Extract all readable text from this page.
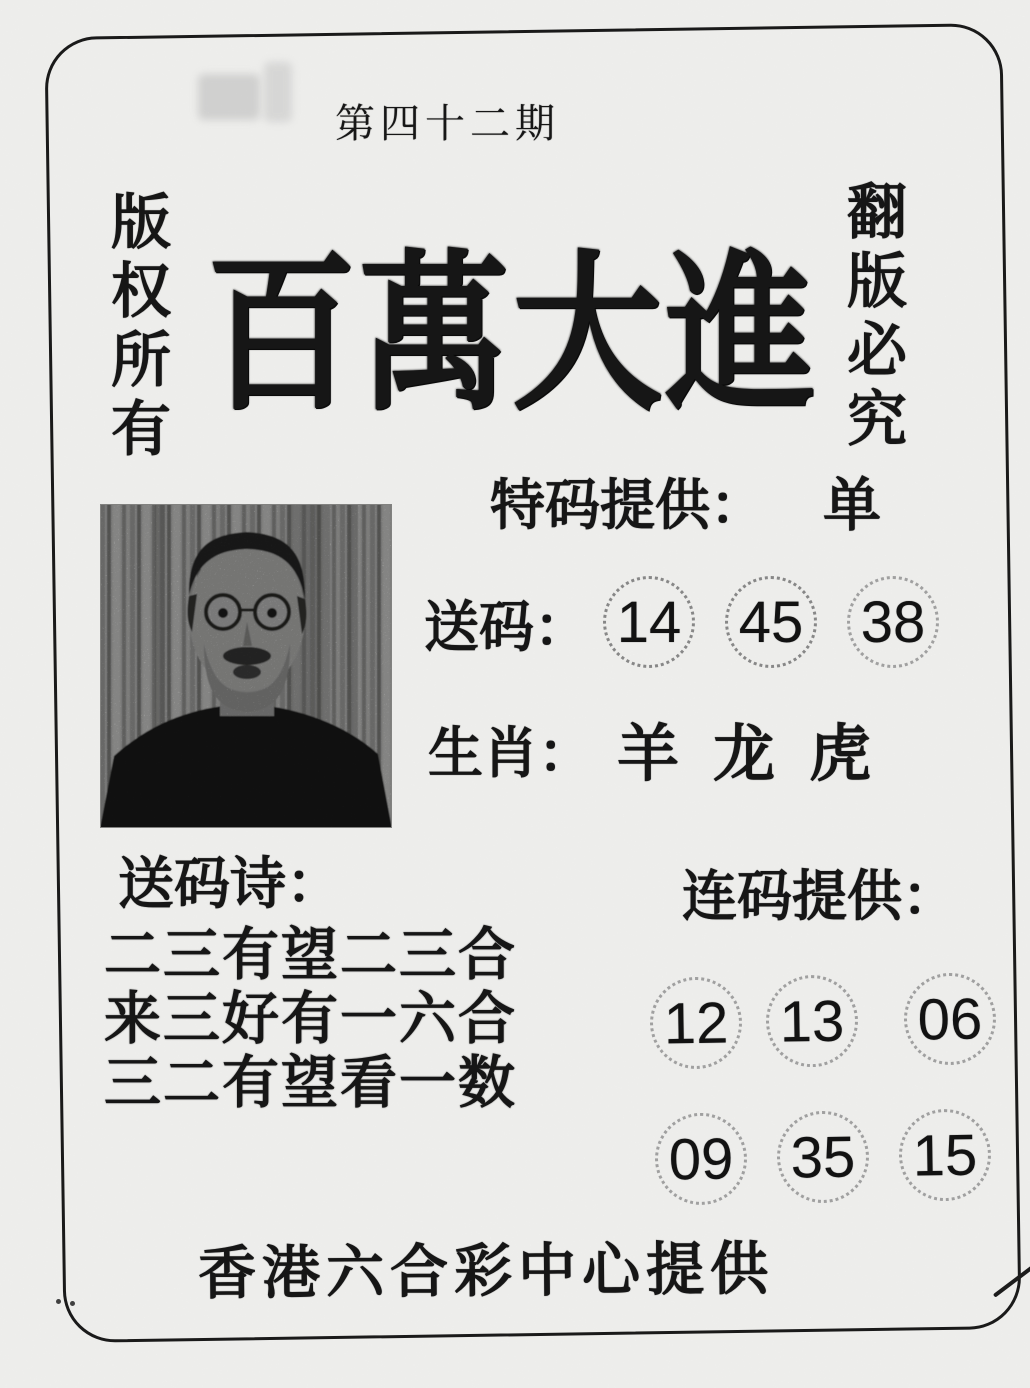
第四十二期
版权所有	翻版必究
百萬大進
特码提供： 单
送码： 14 45 38
生肖： 羊 龙 虎
送码诗：
二三有望二三合
来三好有一六合
三二有望看一数
连码提供：
12 13 06
09 35 15
香港六合彩中心提供
